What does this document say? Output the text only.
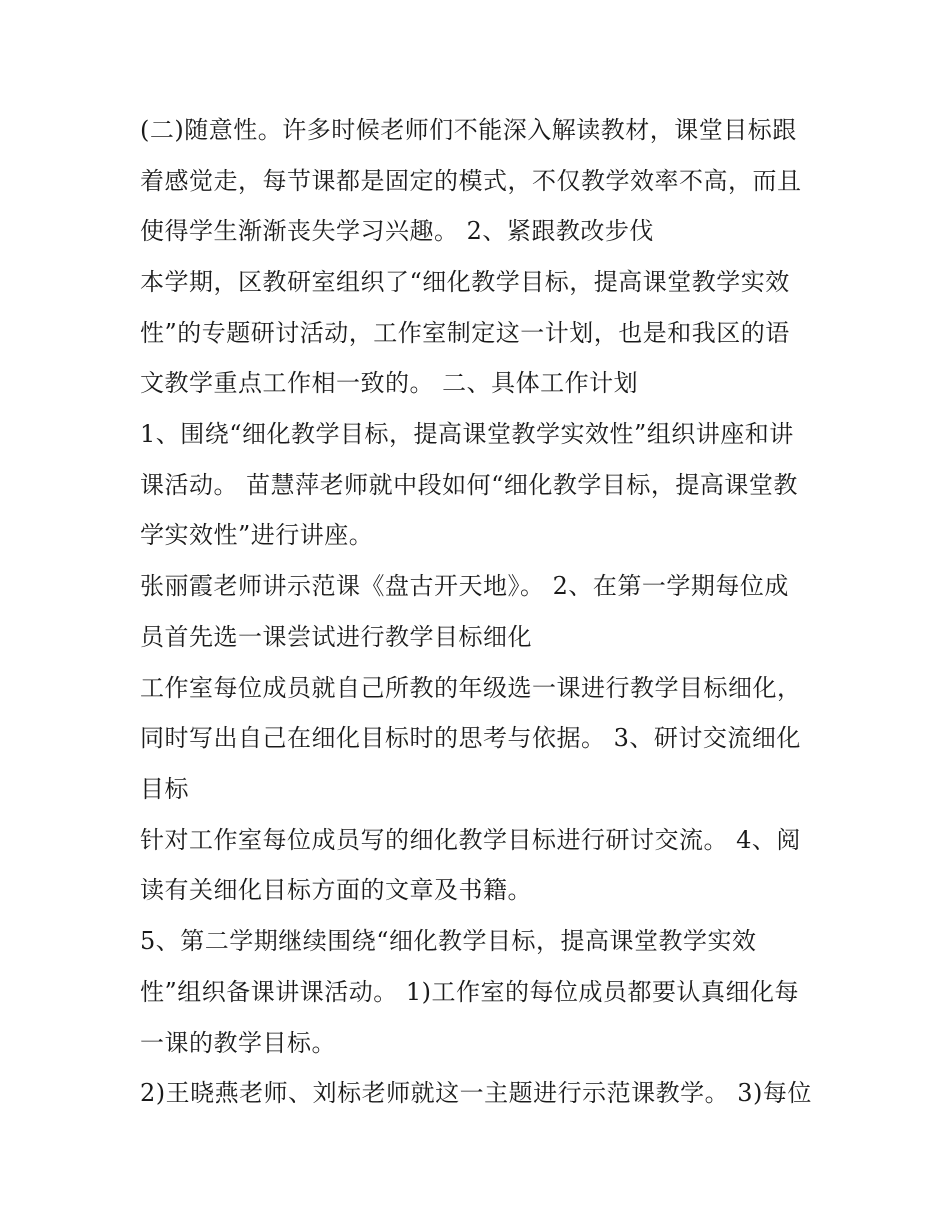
(二)随意性。许多时候老师们不能深入解读教材，课堂目标跟
着感觉走，每节课都是固定的模式，不仅教学效率不高，而且
使得学生渐渐丧失学习兴趣。 2、紧跟教改步伐
本学期，区教研室组织了“细化教学目标，提高课堂教学实效
性”的专题研讨活动，工作室制定这一计划，也是和我区的语
文教学重点工作相一致的。 二、具体工作计划
1、围绕“细化教学目标，提高课堂教学实效性”组织讲座和讲
课活动。 苗慧萍老师就中段如何“细化教学目标，提高课堂教
学实效性”进行讲座。
张丽霞老师讲示范课《盘古开天地》。 2、在第一学期每位成
员首先选一课尝试进行教学目标细化
工作室每位成员就自己所教的年级选一课进行教学目标细化，
同时写出自己在细化目标时的思考与依据。 3、研讨交流细化
目标
针对工作室每位成员写的细化教学目标进行研讨交流。 4、阅
读有关细化目标方面的文章及书籍。
5、第二学期继续围绕“细化教学目标，提高课堂教学实效
性”组织备课讲课活动。 1)工作室的每位成员都要认真细化每
一课的教学目标。
2)王晓燕老师、刘标老师就这一主题进行示范课教学。 3)每位
